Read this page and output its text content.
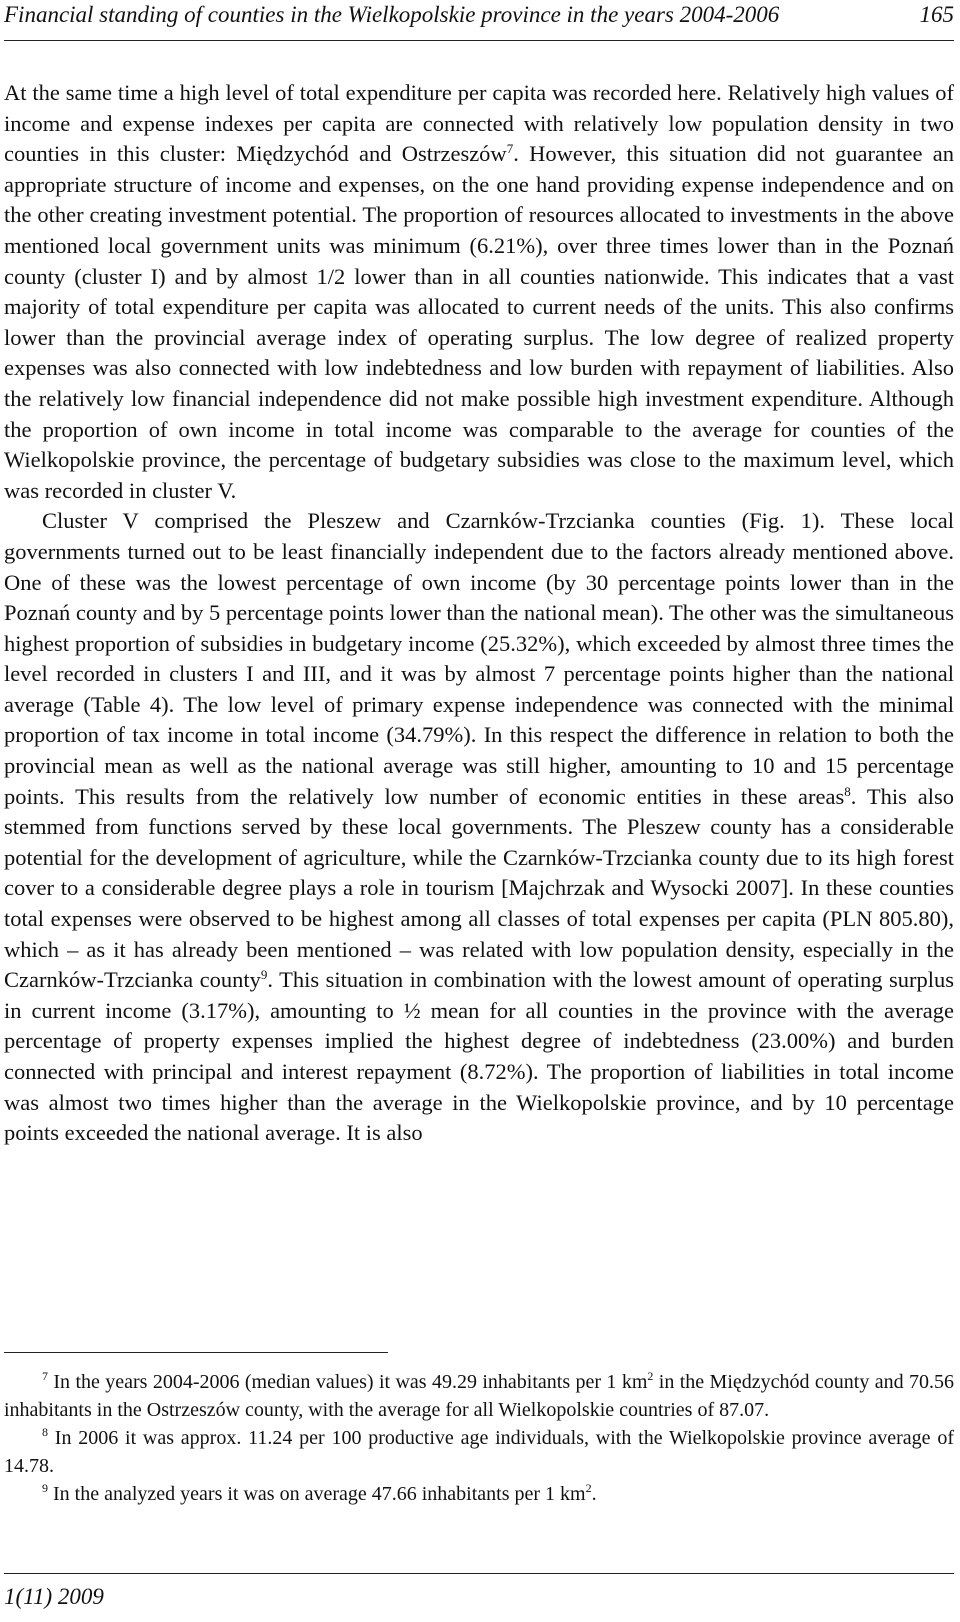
Financial standing of counties in the Wielkopolskie province in the years 2004-2006	165

At the same time a high level of total expenditure per capita was recorded here. Relatively high values of income and expense indexes per capita are connected with relatively low population density in two counties in this cluster: Międzychód and Ostrzeszów$^7$. However, this situation did not guarantee an appropriate structure of income and expenses, on the one hand providing expense independence and on the other creating investment potential. The proportion of resources allocated to investments in the above mentioned local government units was minimum (6.21%), over three times lower than in the Poznań county (cluster I) and by almost 1/2 lower than in all counties nationwide. This indicates that a vast majority of total expenditure per capita was allocated to current needs of the units. This also confirms lower than the provincial average index of operating surplus. The low degree of realized property expenses was also connected with low indebtedness and low burden with repayment of liabilities. Also the relatively low financial independence did not make possible high investment expenditure. Although the proportion of own income in total income was comparable to the average for counties of the Wielkopolskie province, the percentage of budgetary subsidies was close to the maximum level, which was recorded in cluster V.

Cluster V comprised the Pleszew and Czarnków-Trzcianka counties (Fig. 1). These local governments turned out to be least financially independent due to the factors already mentioned above. One of these was the lowest percentage of own income (by 30 percentage points lower than in the Poznań county and by 5 percentage points lower than the national mean). The other was the simultaneous highest proportion of subsidies in budgetary income (25.32%), which exceeded by almost three times the level recorded in clusters I and III, and it was by almost 7 percentage points higher than the national average (Table 4). The low level of primary expense independence was connected with the minimal proportion of tax income in total income (34.79%). In this respect the difference in relation to both the provincial mean as well as the national average was still higher, amounting to 10 and 15 percentage points. This results from the relatively low number of economic entities in these areas$^8$. This also stemmed from functions served by these local governments. The Pleszew county has a considerable potential for the development of agriculture, while the Czarnków-Trzcianka county due to its high forest cover to a considerable degree plays a role in tourism [Majchrzak and Wysocki 2007]. In these counties total expenses were observed to be highest among all classes of total expenses per capita (PLN 805.80), which – as it has already been mentioned – was related with low population density, especially in the Czarnków-Trzcianka county$^9$. This situation in combination with the lowest amount of operating surplus in current income (3.17%), amounting to ½ mean for all counties in the province with the average percentage of property expenses implied the highest degree of indebtedness (23.00%) and burden connected with principal and interest repayment (8.72%). The proportion of liabilities in total income was almost two times higher than the average in the Wielkopolskie province, and by 10 percentage points exceeded the national average. It is also

$^7$ In the years 2004-2006 (median values) it was 49.29 inhabitants per 1 $km^2$ in the Międzychód county and 70.56 inhabitants in the Ostrzeszów county, with the average for all Wielkopolskie countries of 87.07.

$^8$ In 2006 it was approx. 11.24 per 100 productive age individuals, with the Wielkopolskie province average of 14.78.

$^9$ In the analyzed years it was on average 47.66 inhabitants per 1 $km^2$.

1(11) 2009
